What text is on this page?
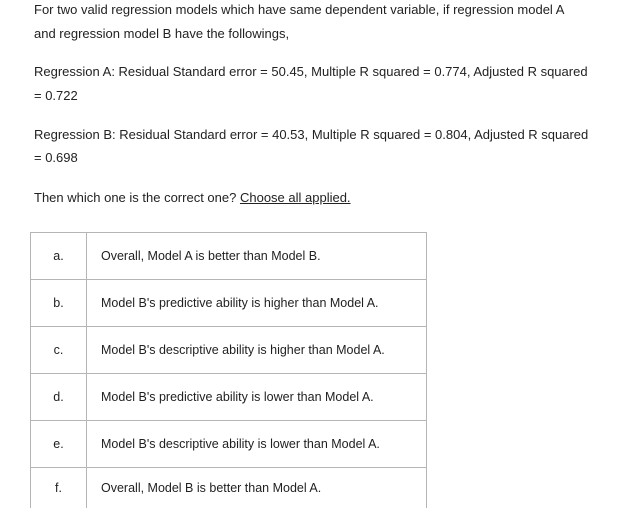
For two valid regression models which have same dependent variable, if regression model A
and regression model B have the followings,
Regression A: Residual Standard error = 50.45, Multiple R squared = 0.774, Adjusted R squared
= 0.722
Regression B: Residual Standard error = 40.53, Multiple R squared = 0.804, Adjusted R squared
= 0.698
Then which one is the correct one? Choose all applied.
a.	Overall, Model A is better than Model B.
b.	Model B's predictive ability is higher than Model A.
c.	Model B's descriptive ability is higher than Model A.
d.	Model B's predictive ability is lower than Model A.
e.	Model B's descriptive ability is lower than Model A.
f.	Overall, Model B is better than Model A.
